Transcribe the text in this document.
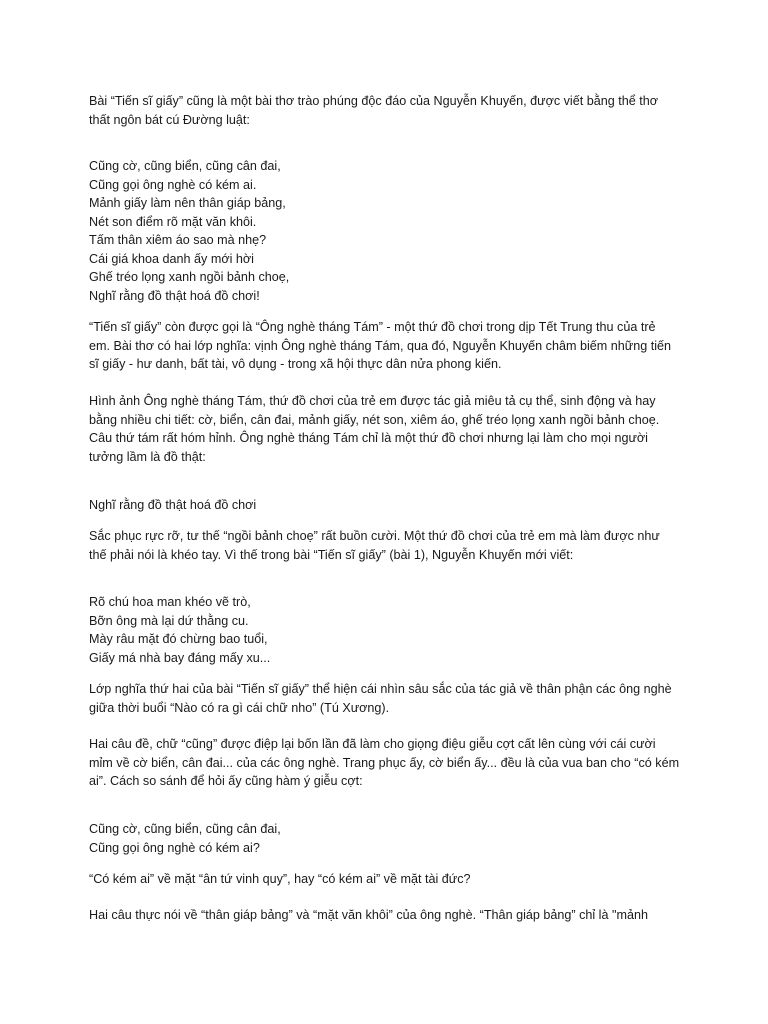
Bài “Tiến sĩ giấy” cũng là một bài thơ trào phúng độc đáo của Nguyễn Khuyến, được viết bằng thể thơ
thất ngôn bát cú Đường luật:

Cũng cờ, cũng biển, cũng cân đai,
Cũng gọi ông nghè có kém ai.
Mảnh giấy làm nên thân giáp bảng,
Nét son điểm rõ mặt văn khôi.
Tấm thân xiêm áo sao mà nhẹ?
Cái giá khoa danh ấy mới hời
Ghế tréo lọng xanh ngồi bảnh choẹ,
Nghĩ rằng đồ thật hoá đồ chơi!

“Tiến sĩ giấy” còn được gọi là “Ông nghè tháng Tám” - một thứ đồ chơi trong dịp Tết Trung thu của trẻ
em. Bài thơ có hai lớp nghĩa: vịnh Ông nghè tháng Tám, qua đó, Nguyễn Khuyến châm biếm những tiến
sĩ giấy - hư danh, bất tài, vô dụng - trong xã hội thực dân nửa phong kiến.

Hình ảnh Ông nghè tháng Tám, thứ đồ chơi của trẻ em được tác giả miêu tả cụ thể, sinh động và hay
bằng nhiều chi tiết: cờ, biển, cân đai, mảnh giấy, nét son, xiêm áo, ghế tréo lọng xanh ngồi bảnh choẹ.
Câu thứ tám rất hóm hỉnh. Ông nghè tháng Tám chỉ là một thứ đồ chơi nhưng lại làm cho mọi người
tưởng lầm là đồ thật:

Nghĩ rằng đồ thật hoá đồ chơi

Sắc phục rực rỡ, tư thế “ngồi bảnh choẹ” rất buồn cười. Một thứ đồ chơi của trẻ em mà làm được như
thế phải nói là khéo tay. Vì thế trong bài “Tiến sĩ giấy” (bài 1), Nguyễn Khuyến mới viết:

Rõ chú hoa man khéo vẽ trò,
Bỡn ông mà lại dứ thằng cu.
Mày râu mặt đó chừng bao tuổi,
Giấy má nhà bay đáng mấy xu...

Lớp nghĩa thứ hai của bài “Tiến sĩ giấy” thể hiện cái nhìn sâu sắc của tác giả về thân phận các ông nghè
giữa thời buổi “Nào có ra gì cái chữ nho” (Tú Xương).

Hai câu đề, chữ “cũng” được điệp lại bốn lần đã làm cho giọng điệu giễu cợt cất lên cùng với cái cười
mỉm về cờ biển, cân đai... của các ông nghè. Trang phục ấy, cờ biển ấy... đều là của vua ban cho “có kém
ai”. Cách so sánh để hỏi ấy cũng hàm ý giễu cợt:

Cũng cờ, cũng biển, cũng cân đai,
Cũng gọi ông nghè có kém ai?

“Có kém ai” về mặt “ân tứ vinh quy”, hay “có kém ai” về mặt tài đức?

Hai câu thực nói về “thân giáp bảng” và “mặt văn khôi” của ông nghè. “Thân giáp bảng” chỉ là "mảnh
